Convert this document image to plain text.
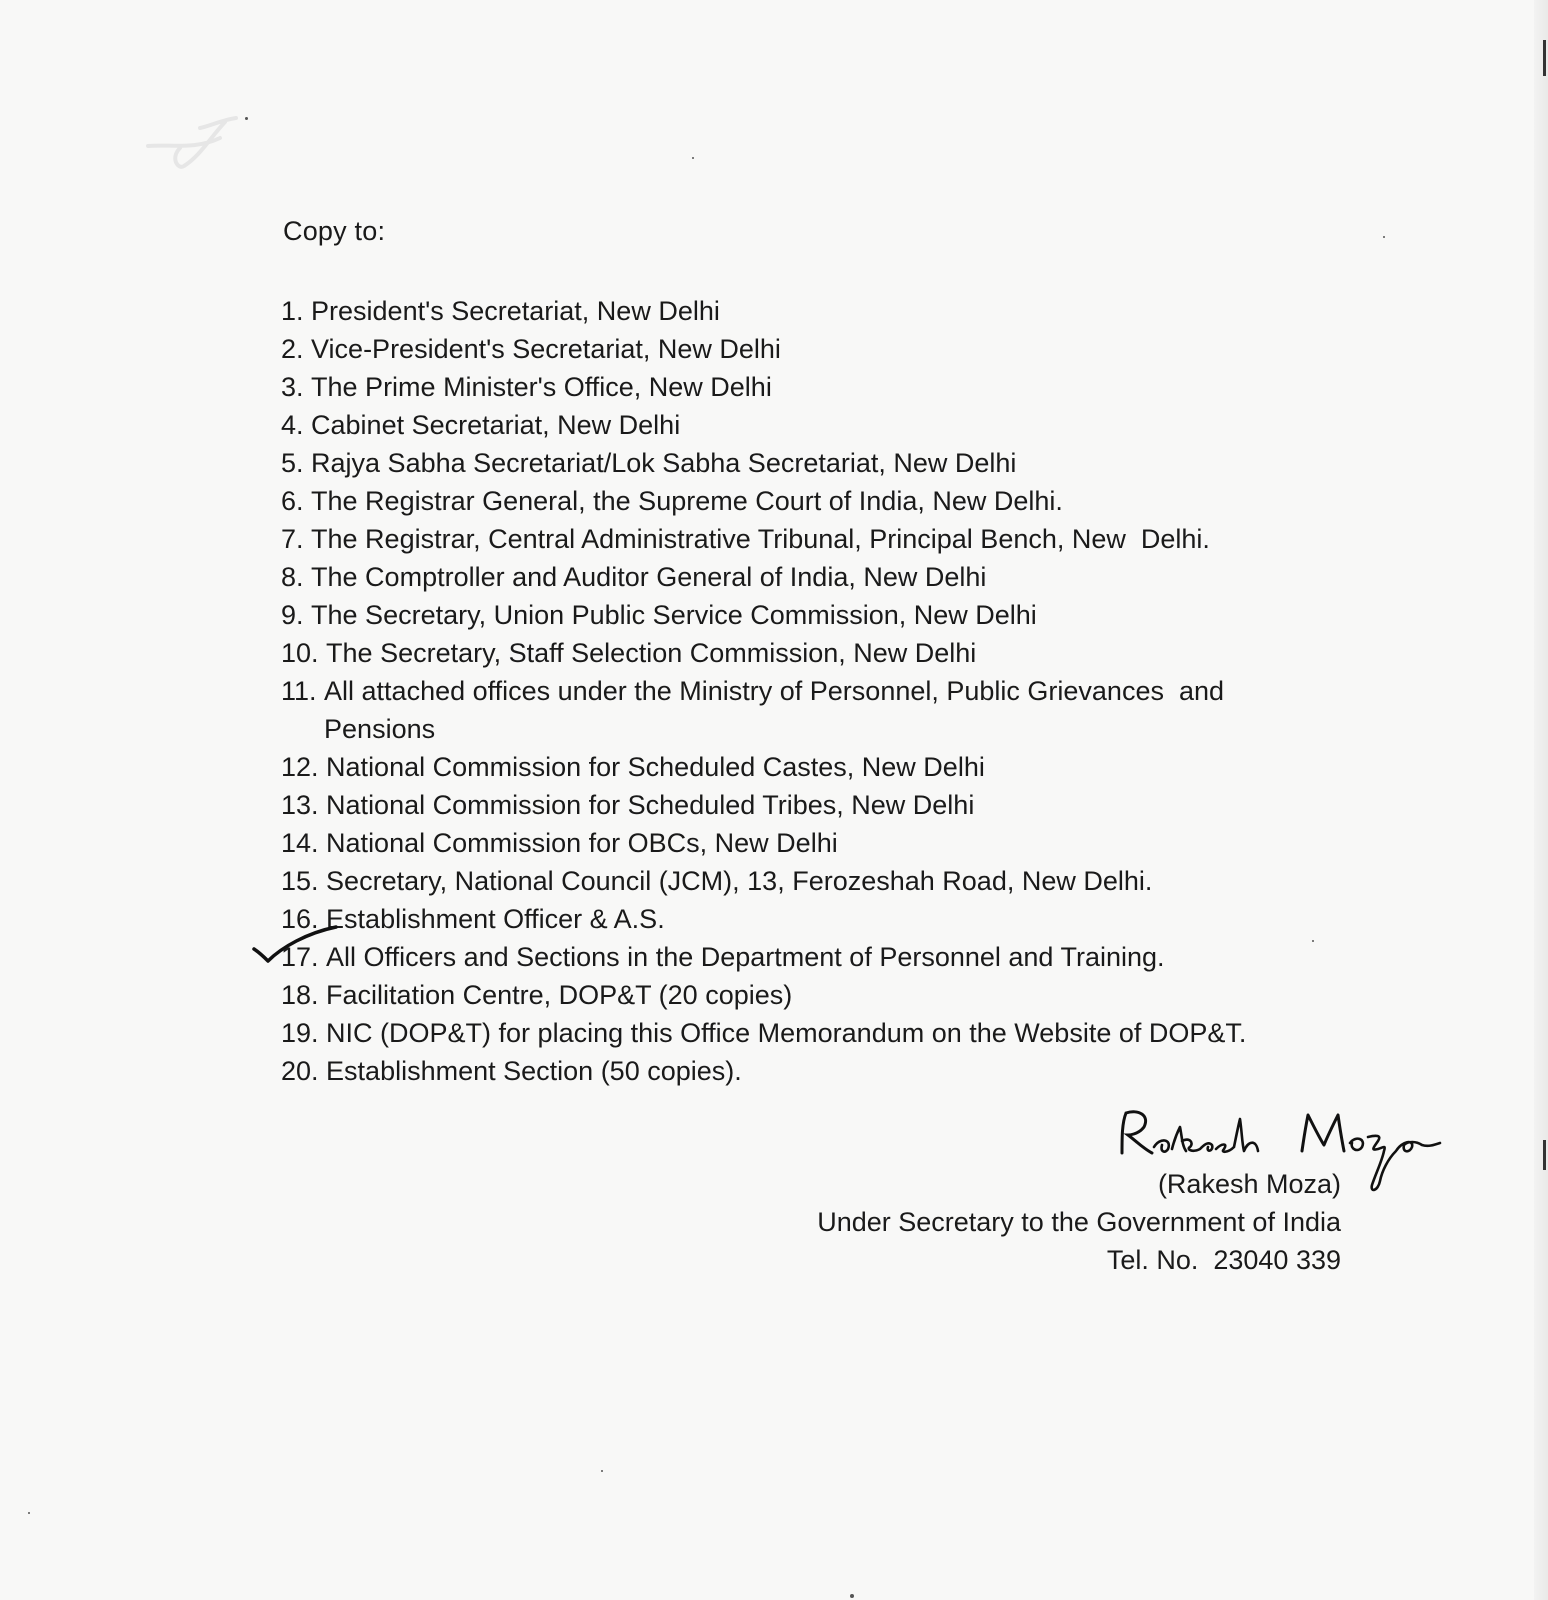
Copy to:
1. President's Secretariat, New Delhi
2. Vice-President's Secretariat, New Delhi
3. The Prime Minister's Office, New Delhi
4. Cabinet Secretariat, New Delhi
5. Rajya Sabha Secretariat/Lok Sabha Secretariat, New Delhi
6. The Registrar General, the Supreme Court of India, New Delhi.
7. The Registrar, Central Administrative Tribunal, Principal Bench, New  Delhi.
8. The Comptroller and Auditor General of India, New Delhi
9. The Secretary, Union Public Service Commission, New Delhi
10. The Secretary, Staff Selection Commission, New Delhi
11. All attached offices under the Ministry of Personnel, Public Grievances  and Pensions
12. National Commission for Scheduled Castes, New Delhi
13. National Commission for Scheduled Tribes, New Delhi
14. National Commission for OBCs, New Delhi
15. Secretary, National Council (JCM), 13, Ferozeshah Road, New Delhi.
16. Establishment Officer & A.S.
17. All Officers and Sections in the Department of Personnel and Training.
18. Facilitation Centre, DOP&T (20 copies)
19. NIC (DOP&T) for placing this Office Memorandum on the Website of DOP&T.
20. Establishment Section (50 copies).
(Rakesh Moza)
Under Secretary to the Government of India
Tel. No.  23040 339
